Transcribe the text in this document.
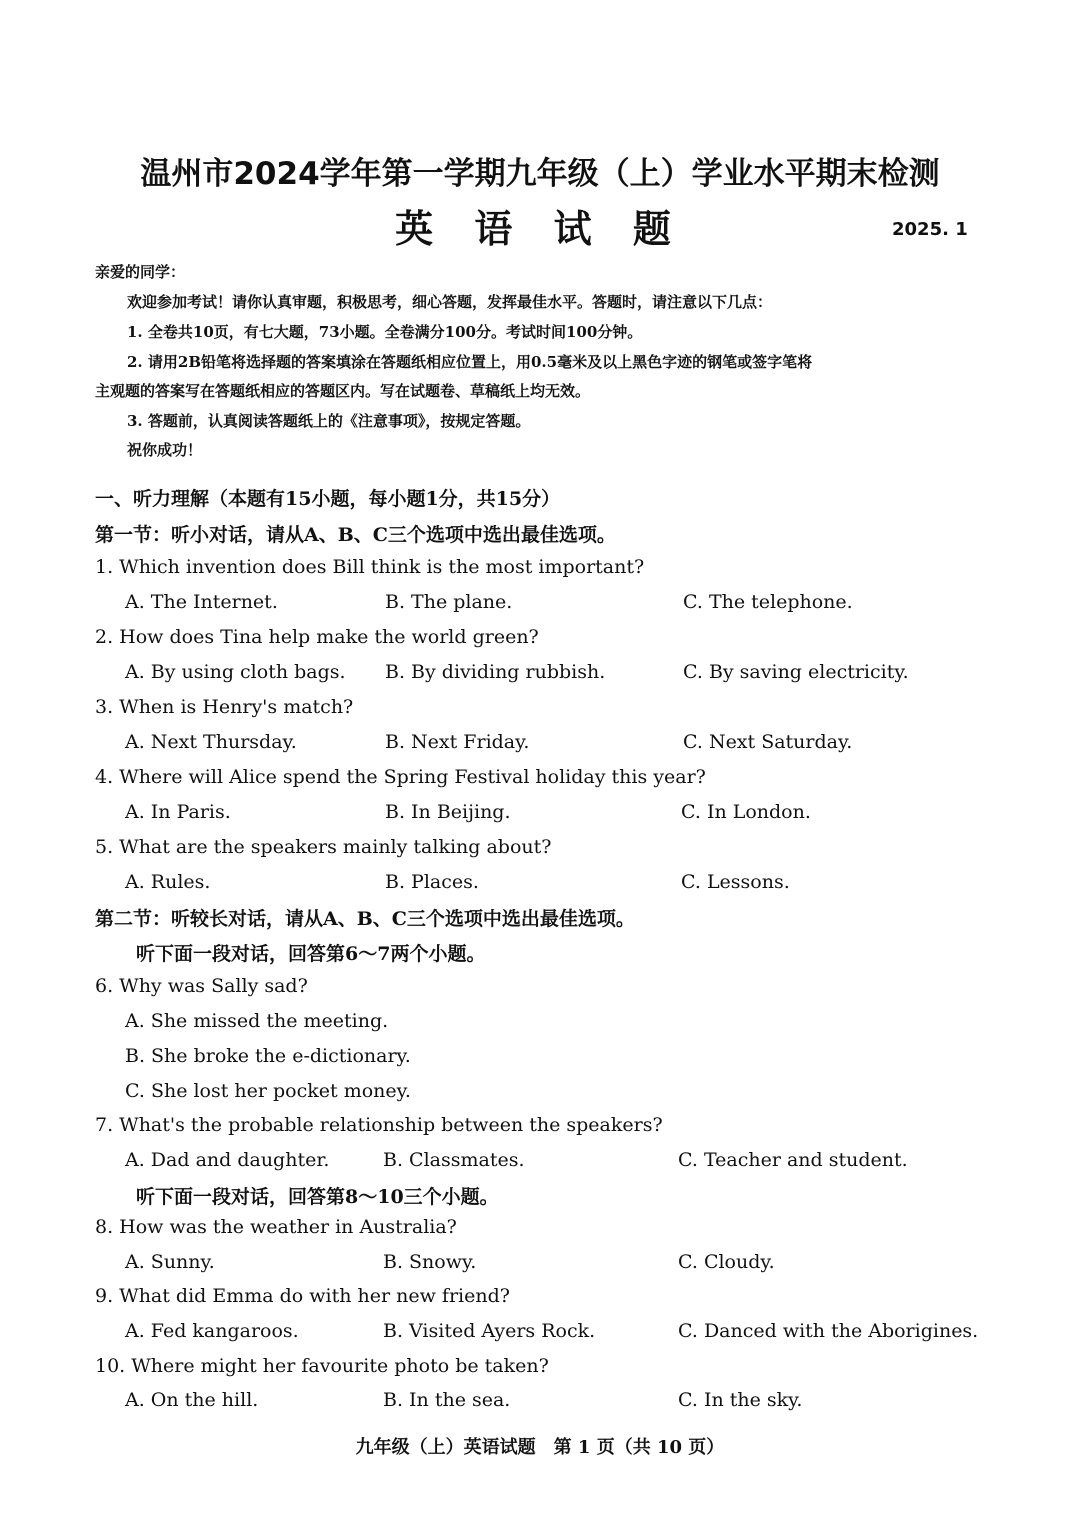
温州市2024学年第一学期九年级（上）学业水平期末检测
英 语 试 题	2025. 1
亲爱的同学：
欢迎参加考试！请你认真审题，积极思考，细心答题，发挥最佳水平。答题时，请注意以下几点：
1. 全卷共10页，有七大题，73小题。全卷满分100分。考试时间100分钟。
2. 请用2B铅笔将选择题的答案填涂在答题纸相应位置上，用0.5毫米及以上黑色字迹的钢笔或签字笔将
主观题的答案写在答题纸相应的答题区内。写在试题卷、草稿纸上均无效。
3. 答题前，认真阅读答题纸上的《注意事项》，按规定答题。
祝你成功！
一、听力理解（本题有15小题，每小题1分，共15分）
第一节：听小对话，请从A、B、C三个选项中选出最佳选项。
1. Which invention does Bill think is the most important?
A. The Internet.	B. The plane.	C. The telephone.
2. How does Tina help make the world green?
A. By using cloth bags. B. By dividing rubbish.	C. By saving electricity.
3. When is Henry's match?
A. Next Thursday.	B. Next Friday.	C. Next Saturday.
4. Where will Alice spend the Spring Festival holiday this year?
A. In Paris.	B. In Beijing.	C. In London.
5. What are the speakers mainly talking about?
A. Rules.	B. Places.	C. Lessons.
第二节：听较长对话，请从A、B、C三个选项中选出最佳选项。
听下面一段对话，回答第6～7两个小题。
6. Why was Sally sad?
A. She missed the meeting.
B. She broke the e-dictionary.
C. She lost her pocket money.
7. What's the probable relationship between the speakers?
A. Dad and daughter.	B. Classmates.	C. Teacher and student.
听下面一段对话，回答第8～10三个小题。
8. How was the weather in Australia?
A. Sunny.	B. Snowy.	C. Cloudy.
9. What did Emma do with her new friend?
A. Fed kangaroos.	B. Visited Ayers Rock.	C. Danced with the Aborigines.
10. Where might her favourite photo be taken?
A. On the hill.	B. In the sea.	C. In the sky.
九年级（上）英语试题　第 1 页（共 10 页）
